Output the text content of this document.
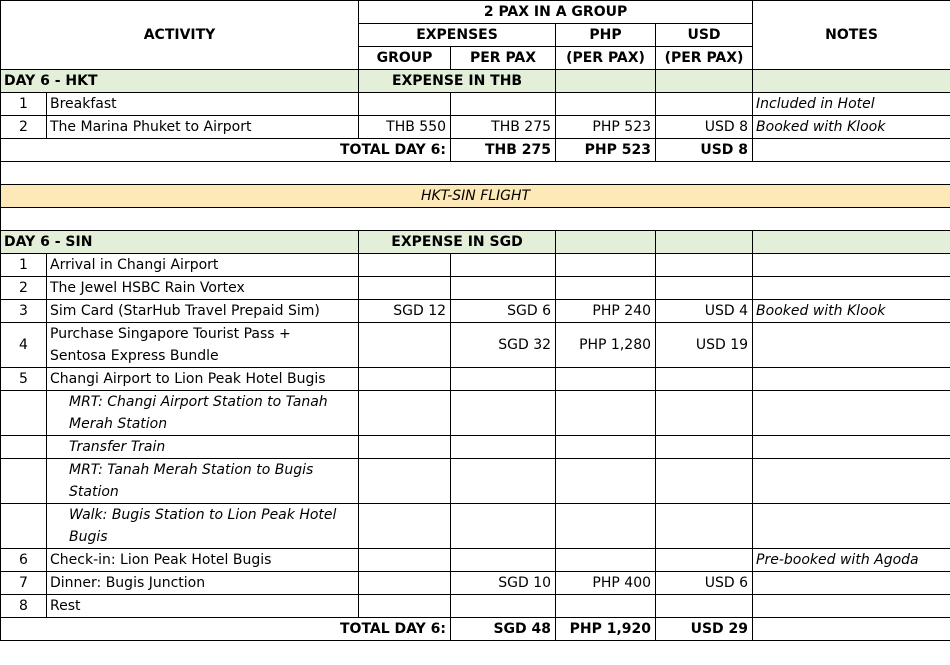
ACTIVITY		2 PAX IN A GROUP				NOTES
		EXPENSES		PHP	USD	
		GROUP	PER PAX	(PER PAX)	(PER PAX)	
DAY 6 - HKT		EXPENSE IN THB				
1	Breakfast					Included in Hotel
2	The Marina Phuket to Airport	THB 550	THB 275	PHP 523	USD 8	Booked with Klook
TOTAL DAY 6:			THB 275	PHP 523	USD 8	

HKT-SIN FLIGHT						

DAY 6 - SIN		EXPENSE IN SGD				
1	Arrival in Changi Airport					
2	The Jewel HSBC Rain Vortex					
3	Sim Card (StarHub Travel Prepaid Sim)	SGD 12	SGD 6	PHP 240	USD 4	Booked with Klook
4	Purchase Singapore Tourist Pass +
Sentosa Express Bundle		SGD 32	PHP 1,280	USD 19	
5	Changi Airport to Lion Peak Hotel Bugis					

	MRT: Changi Airport Station to Tanah
Merah Station					

	Transfer Train					

	MRT: Tanah Merah Station to Bugis
Station					

	Walk: Bugis Station to Lion Peak Hotel
Bugis					

6	Check-in: Lion Peak Hotel Bugis					Pre-booked with Agoda
7	Dinner: Bugis Junction		SGD 10	PHP 400	USD 6	
8	Rest					
TOTAL DAY 6:			SGD 48	PHP 1,920	USD 29	
